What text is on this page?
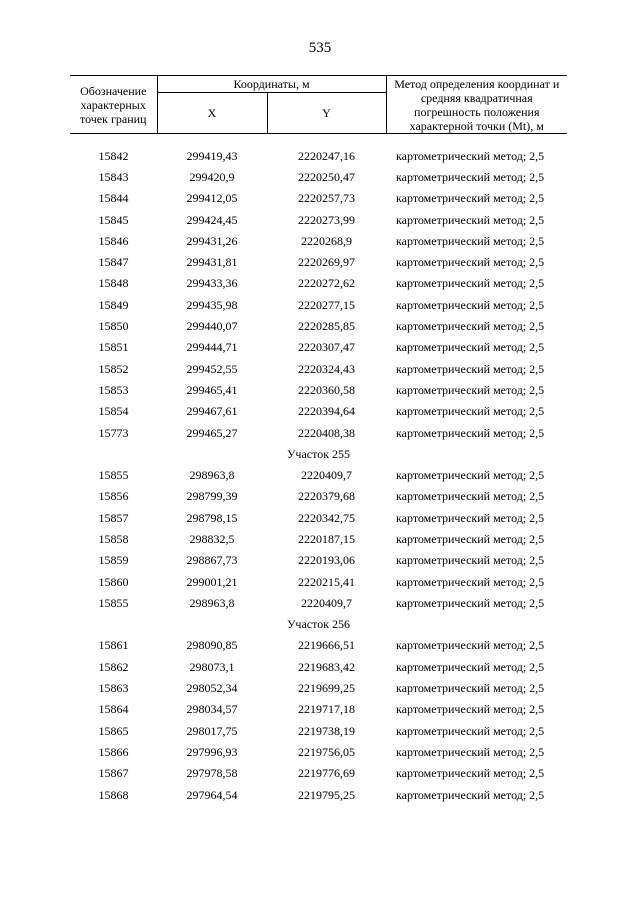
535
Обозначение характерных точек границ	Координаты, м		Метод определения координат и средняя квадратичная погрешность положения характерной точки (Mt), м
	X	Y	

15842	299419,43	2220247,16	картометрический метод; 2,5
15843	299420,9	2220250,47	картометрический метод; 2,5
15844	299412,05	2220257,73	картометрический метод; 2,5
15845	299424,45	2220273,99	картометрический метод; 2,5
15846	299431,26	2220268,9	картометрический метод; 2,5
15847	299431,81	2220269,97	картометрический метод; 2,5
15848	299433,36	2220272,62	картометрический метод; 2,5
15849	299435,98	2220277,15	картометрический метод; 2,5
15850	299440,07	2220285,85	картометрический метод; 2,5
15851	299444,71	2220307,47	картометрический метод; 2,5
15852	299452,55	2220324,43	картометрический метод; 2,5
15853	299465,41	2220360,58	картометрический метод; 2,5
15854	299467,61	2220394,64	картометрический метод; 2,5
15773	299465,27	2220408,38	картометрический метод; 2,5
Участок 255			
15855	298963,8	2220409,7	картометрический метод; 2,5
15856	298799,39	2220379,68	картометрический метод; 2,5
15857	298798,15	2220342,75	картометрический метод; 2,5
15858	298832,5	2220187,15	картометрический метод; 2,5
15859	298867,73	2220193,06	картометрический метод; 2,5
15860	299001,21	2220215,41	картометрический метод; 2,5
15855	298963,8	2220409,7	картометрический метод; 2,5
Участок 256			
15861	298090,85	2219666,51	картометрический метод; 2,5
15862	298073,1	2219683,42	картометрический метод; 2,5
15863	298052,34	2219699,25	картометрический метод; 2,5
15864	298034,57	2219717,18	картометрический метод; 2,5
15865	298017,75	2219738,19	картометрический метод; 2,5
15866	297996,93	2219756,05	картометрический метод; 2,5
15867	297978,58	2219776,69	картометрический метод; 2,5
15868	297964,54	2219795,25	картометрический метод; 2,5
